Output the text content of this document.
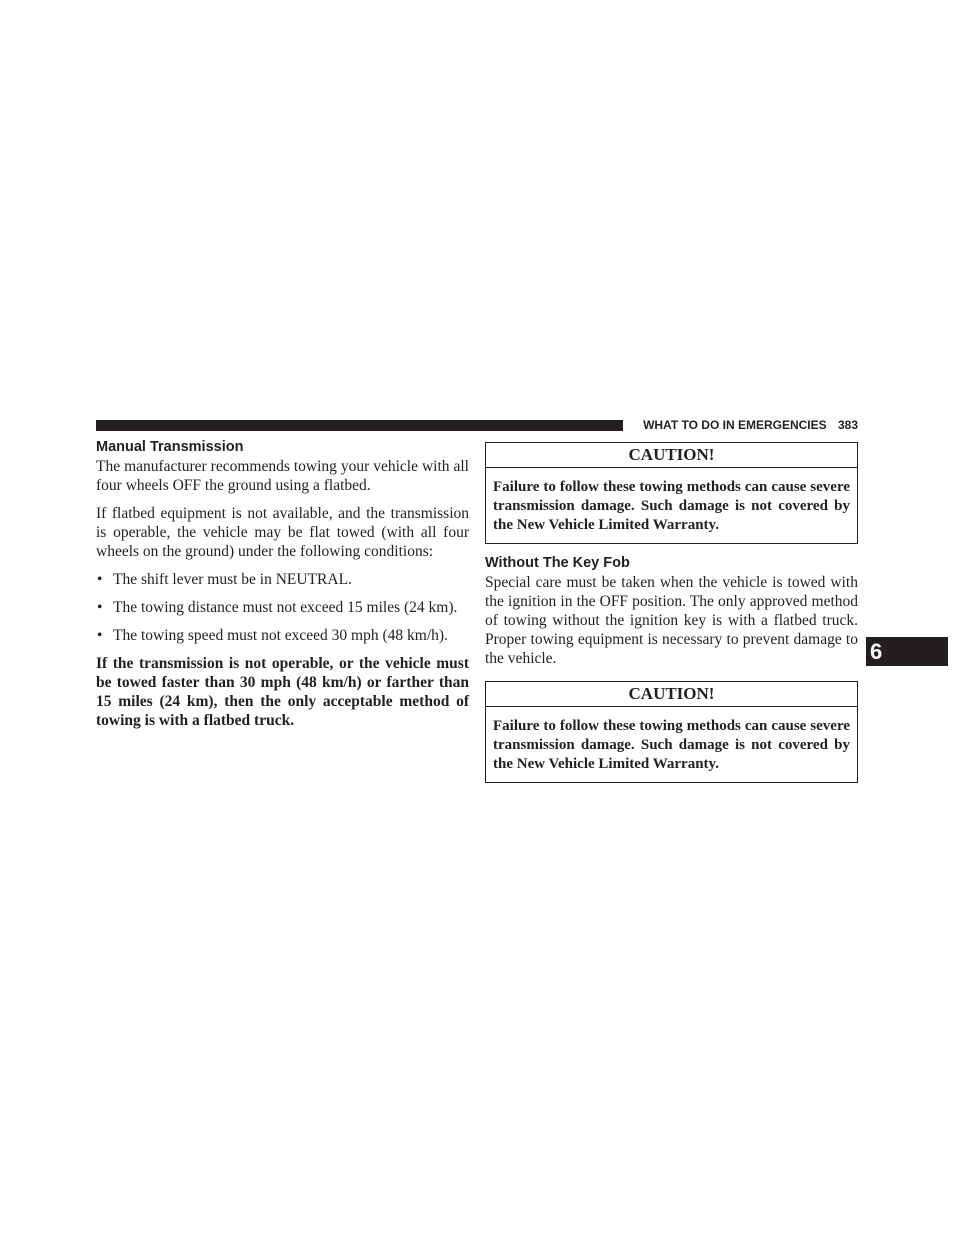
WHAT TO DO IN EMERGENCIES 383
Manual Transmission

The manufacturer recommends towing your vehicle with all four wheels OFF the ground using a flatbed.

If flatbed equipment is not available, and the transmission is operable, the vehicle may be flat towed (with all four wheels on the ground) under the following conditions:

• The shift lever must be in NEUTRAL.
• The towing distance must not exceed 15 miles (24 km).
• The towing speed must not exceed 30 mph (48 km/h).

If the transmission is not operable, or the vehicle must be towed faster than 30 mph (48 km/h) or farther than 15 miles (24 km), then the only acceptable method of towing is with a flatbed truck.

CAUTION!
Failure to follow these towing methods can cause severe transmission damage. Such damage is not covered by the New Vehicle Limited Warranty.
Without The Key Fob

Special care must be taken when the vehicle is towed with the ignition in the OFF position. The only approved method of towing without the ignition key is with a flatbed truck. Proper towing equipment is necessary to prevent damage to the vehicle.

CAUTION!
Failure to follow these towing methods can cause severe transmission damage. Such damage is not covered by the New Vehicle Limited Warranty.
6
